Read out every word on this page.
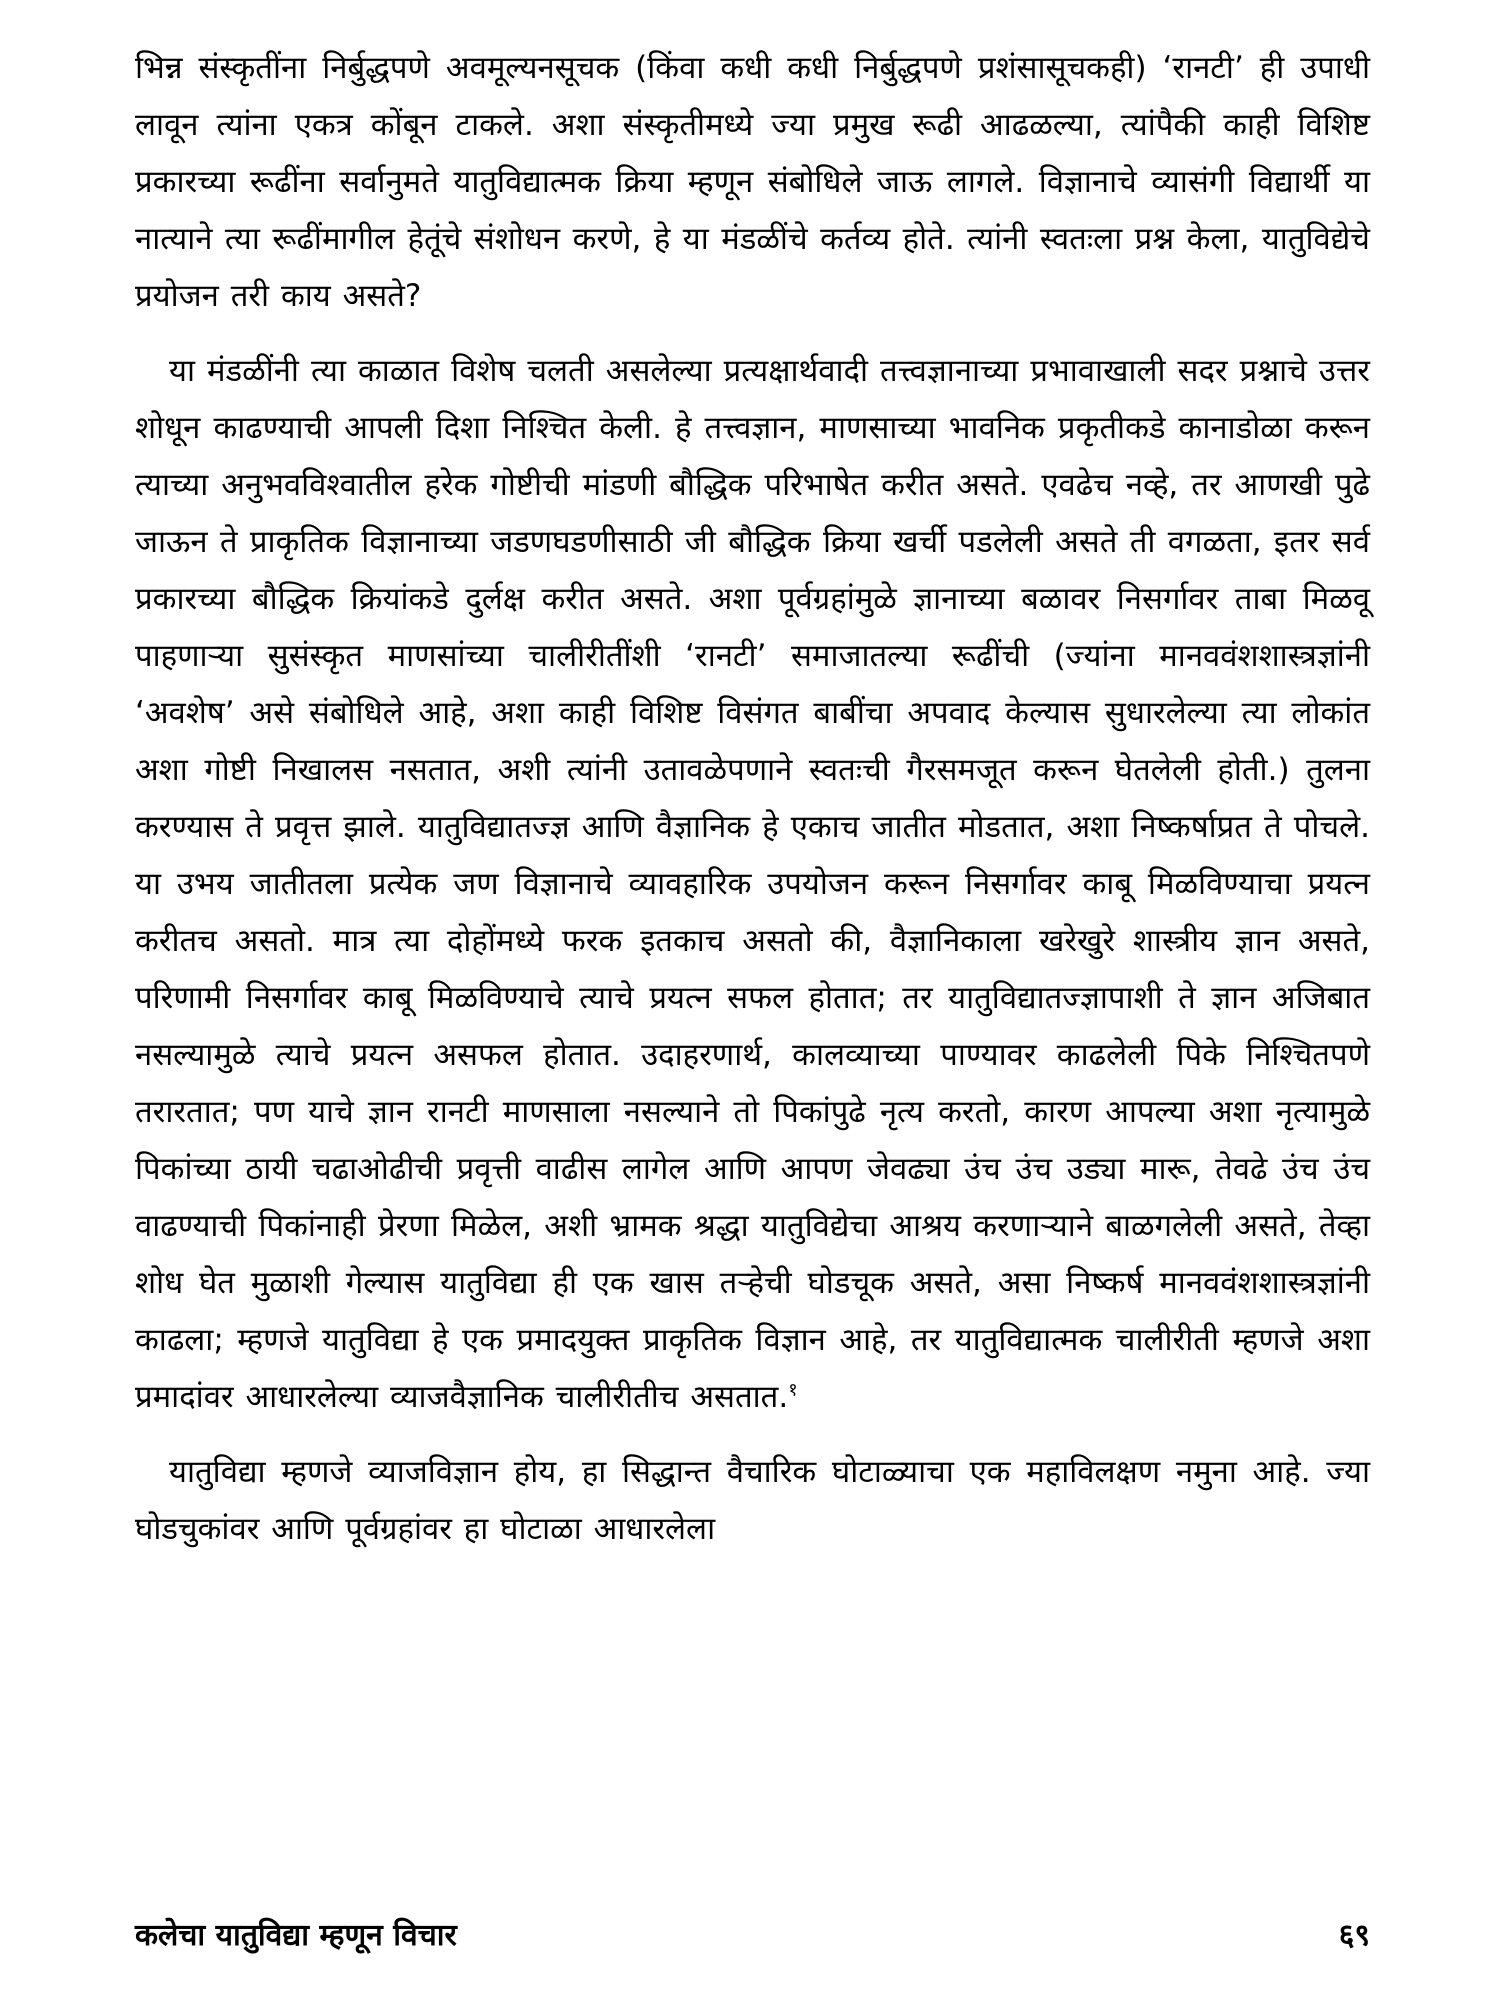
भिन्न संस्कृतींना निर्बुद्धपणे अवमूल्यनसूचक (किंवा कधी कधी निर्बुद्धपणे प्रशंसासूचकही) ‘रानटी’ ही उपाधी लावून त्यांना एकत्र कोंबून टाकले. अशा संस्कृतीमध्ये ज्या प्रमुख रूढी आढळल्या, त्यांपैकी काही विशिष्ट प्रकारच्या रूढींना सर्वानुमते यातुविद्यात्मक क्रिया म्हणून संबोधिले जाऊ लागले. विज्ञानाचे व्यासंगी विद्यार्थी या नात्याने त्या रूढींमागील हेतूंचे संशोधन करणे, हे या मंडळींचे कर्तव्य होते. त्यांनी स्वतःला प्रश्न केला, यातुविद्येचे प्रयोजन तरी काय असते?

या मंडळींनी त्या काळात विशेष चलती असलेल्या प्रत्यक्षार्थवादी तत्त्वज्ञानाच्या प्रभावाखाली सदर प्रश्नाचे उत्तर शोधून काढण्याची आपली दिशा निश्चित केली. हे तत्त्वज्ञान, माणसाच्या भावनिक प्रकृतीकडे कानाडोळा करून त्याच्या अनुभवविश्वातील हरेक गोष्टीची मांडणी बौद्धिक परिभाषेत करीत असते. एवढेच नव्हे, तर आणखी पुढे जाऊन ते प्राकृतिक विज्ञानाच्या जडणघडणीसाठी जी बौद्धिक क्रिया खर्ची पडलेली असते ती वगळता, इतर सर्व प्रकारच्या बौद्धिक क्रियांकडे दुर्लक्ष करीत असते. अशा पूर्वग्रहांमुळे ज्ञानाच्या बळावर निसर्गावर ताबा मिळवू पाहणाऱ्या सुसंस्कृत माणसांच्या चालीरीतींशी ‘रानटी’ समाजातल्या रूढींची (ज्यांना मानववंशशास्त्रज्ञांनी ‘अवशेष’ असे संबोधिले आहे, अशा काही विशिष्ट विसंगत बाबींचा अपवाद केल्यास सुधारलेल्या त्या लोकांत अशा गोष्टी निखालस नसतात, अशी त्यांनी उतावळेपणाने स्वतःची गैरसमजूत करून घेतलेली होती.) तुलना करण्यास ते प्रवृत्त झाले. यातुविद्यातज्ज्ञ आणि वैज्ञानिक हे एकाच जातीत मोडतात, अशा निष्कर्षाप्रत ते पोचले. या उभय जातीतला प्रत्येक जण विज्ञानाचे व्यावहारिक उपयोजन करून निसर्गावर काबू मिळविण्याचा प्रयत्न करीतच असतो. मात्र त्या दोहोंमध्ये फरक इतकाच असतो की, वैज्ञानिकाला खरेखुरे शास्त्रीय ज्ञान असते, परिणामी निसर्गावर काबू मिळविण्याचे त्याचे प्रयत्न सफल होतात; तर यातुविद्यातज्ज्ञापाशी ते ज्ञान अजिबात नसल्यामुळे त्याचे प्रयत्न असफल होतात. उदाहरणार्थ, कालव्याच्या पाण्यावर काढलेली पिके निश्चितपणे तरारतात; पण याचे ज्ञान रानटी माणसाला नसल्याने तो पिकांपुढे नृत्य करतो, कारण आपल्या अशा नृत्यामुळे पिकांच्या ठायी चढाओढीची प्रवृत्ती वाढीस लागेल आणि आपण जेवढ्या उंच उंच उड्या मारू, तेवढे उंच उंच वाढण्याची पिकांनाही प्रेरणा मिळेल, अशी भ्रामक श्रद्धा यातुविद्येचा आश्रय करणाऱ्याने बाळगलेली असते, तेव्हा शोध घेत मुळाशी गेल्यास यातुविद्या ही एक खास तऱ्हेची घोडचूक असते, असा निष्कर्ष मानववंशशास्त्रज्ञांनी काढला; म्हणजे यातुविद्या हे एक प्रमादयुक्त प्राकृतिक विज्ञान आहे, तर यातुविद्यात्मक चालीरीती म्हणजे अशा प्रमादांवर आधारलेल्या व्याजवैज्ञानिक चालीरीतीच असतात.$^१$

यातुविद्या म्हणजे व्याजविज्ञान होय, हा सिद्धान्त वैचारिक घोटाळ्याचा एक महाविलक्षण नमुना आहे. ज्या घोडचुकांवर आणि पूर्वग्रहांवर हा घोटाळा आधारलेला

कलेचा यातुविद्या म्हणून विचार	६९
